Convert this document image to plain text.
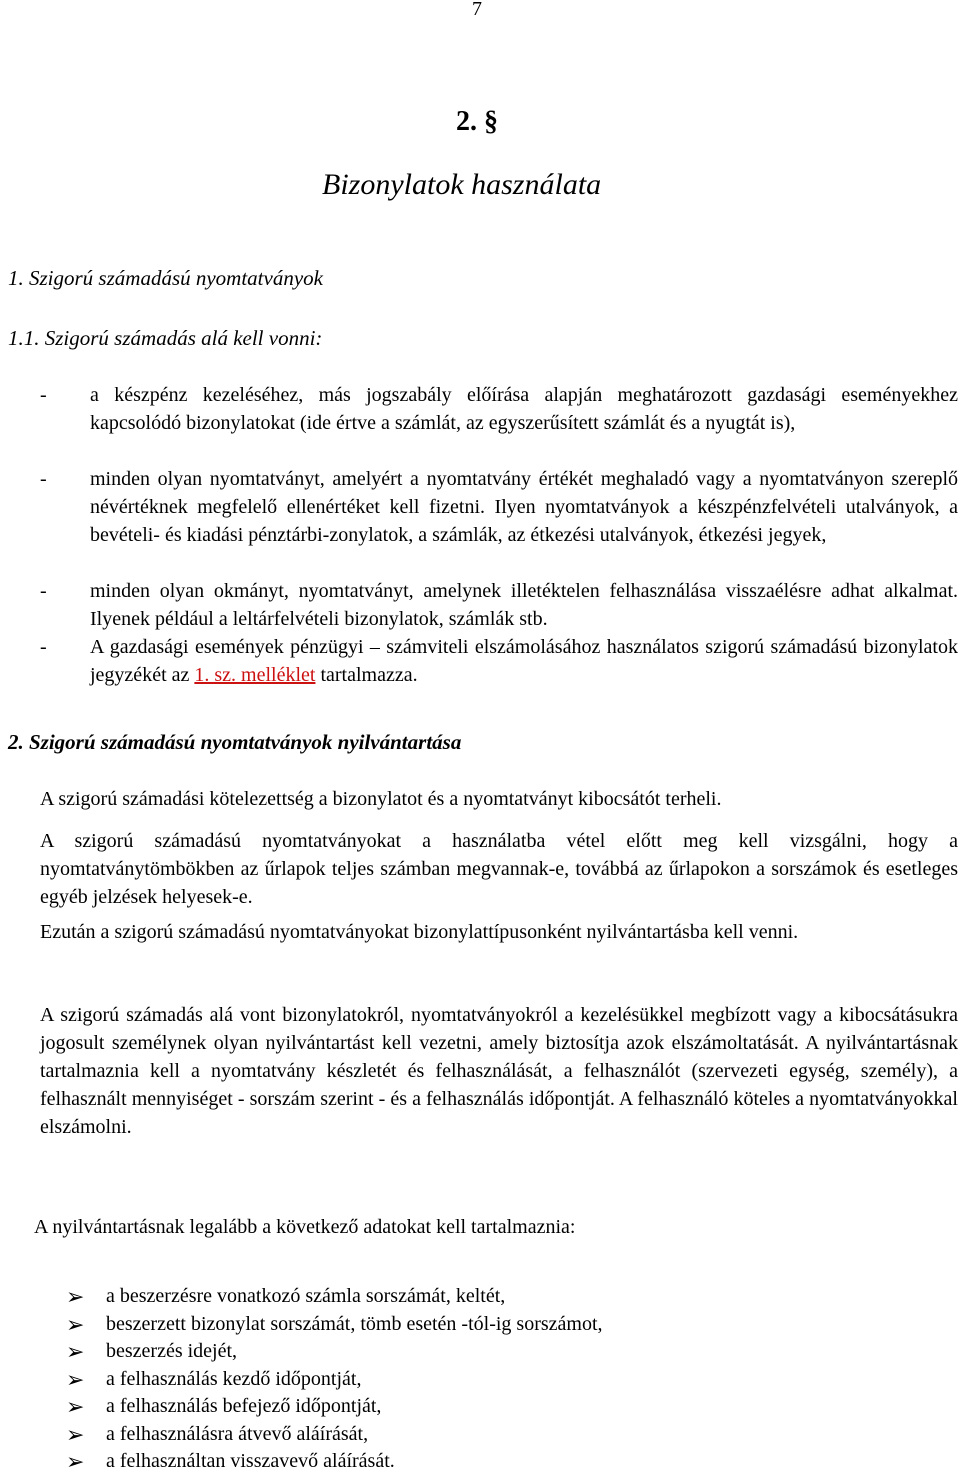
7
2. §
Bizonylatok használata
1. Szigorú számadású nyomtatványok
1.1. Szigorú számadás alá kell vonni:
-	a készpénz kezeléséhez, más jogszabály előírása alapján meghatározott gazdasági eseményekhez kapcsolódó bizonylatokat (ide értve a számlát, az egyszerűsített számlát és a nyugtát is),
-	minden olyan nyomtatványt, amelyért a nyomtatvány értékét meghaladó vagy a nyomtatványon szereplő névértéknek megfelelő ellenértéket kell fizetni. Ilyen nyomtatványok a készpénzfelvételi utalványok, a bevételi- és kiadási pénztárbi-zonylatok, a számlák, az étkezési utalványok, étkezési jegyek,
-	minden olyan okmányt, nyomtatványt, amelynek illetéktelen felhasználása visszaélésre adhat alkalmat. Ilyenek például a leltárfelvételi bizonylatok, számlák stb.
-	A gazdasági események pénzügyi – számviteli elszámolásához használatos szigorú számadású bizonylatok jegyzékét az 1. sz. melléklet tartalmazza.
2. Szigorú számadású nyomtatványok nyilvántartása
A szigorú számadási kötelezettség a bizonylatot és a nyomtatványt kibocsátót terheli.
A szigorú számadású nyomtatványokat a használatba vétel előtt meg kell vizsgálni, hogy a nyomtatványtömbökben az űrlapok teljes számban megvannak-e, továbbá az űrlapokon a sorszámok és esetleges egyéb jelzések helyesek-e.
Ezután a szigorú számadású nyomtatványokat bizonylattípusonként nyilvántartásba kell venni.
A szigorú számadás alá vont bizonylatokról, nyomtatványokról a kezelésükkel megbízott vagy a kibocsátásukra jogosult személynek olyan nyilvántartást kell vezetni, amely biztosítja azok elszámoltatását. A nyilvántartásnak tartalmaznia kell a nyomtatvány készletét és felhasználását, a felhasználót (szervezeti egység, személy), a felhasznált mennyiséget - sorszám szerint - és a felhasználás időpontját. A felhasználó köteles a nyomtatványokkal elszámolni.
A nyilvántartásnak legalább a következő adatokat kell tartalmaznia:
➢ a beszerzésre vonatkozó számla sorszámát, keltét,
➢ beszerzett bizonylat sorszámát, tömb esetén -tól-ig sorszámot,
➢ beszerzés idejét,
➢ a felhasználás kezdő időpontját,
➢ a felhasználás befejező időpontját,
➢ a felhasználásra átvevő aláírását,
➢ a felhasználtan visszavevő aláírását.
